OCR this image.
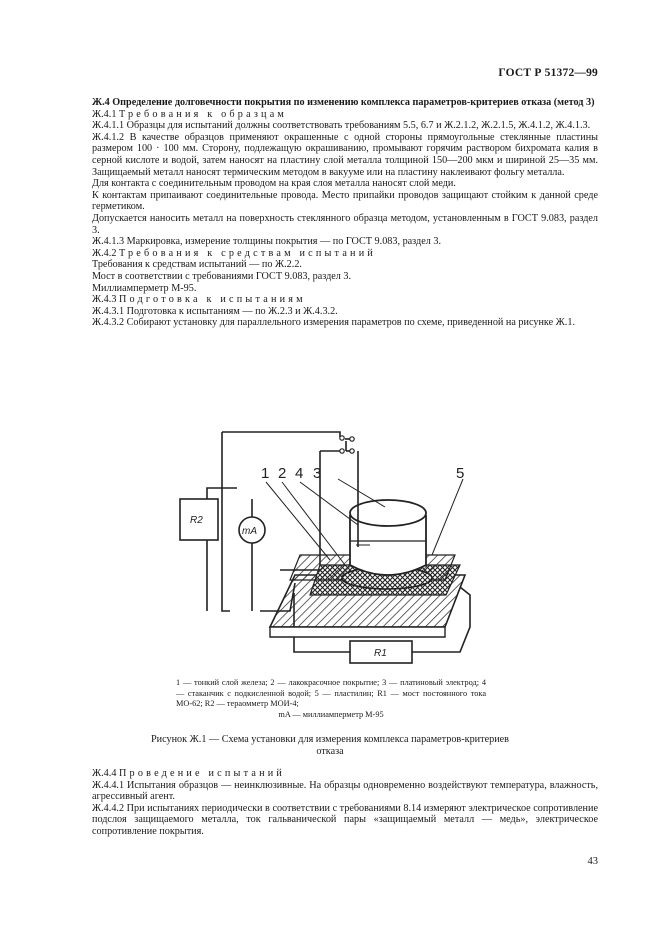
ГОСТ Р 51372—99

Ж.4 Определение долговечности покрытия по изменению комплекса параметров-критериев отказа (метод 3)

Ж.4.1 Требования к образцам

Ж.4.1.1 Образцы для испытаний должны соответствовать требованиям 5.5, 6.7 и Ж.2.1.2, Ж.2.1.5, Ж.4.1.2, Ж.4.1.3.

Ж.4.1.2 В качестве образцов применяют окрашенные с одной стороны прямоугольные стеклянные пластины размером 100 · 100 мм. Сторону, подлежащую окрашиванию, промывают горячим раствором бихромата калия в серной кислоте и водой, затем наносят на пластину слой металла толщиной 150—200 мкм и шириной 25—35 мм. Защищаемый металл наносят термическим методом в вакууме или на пластину наклеивают фольгу металла.

Для контакта с соединительным проводом на края слоя металла наносят слой меди.

К контактам припаивают соединительные провода. Место припайки проводов защищают стойким к данной среде герметиком.

Допускается наносить металл на поверхность стеклянного образца методом, установленным в ГОСТ 9.083, раздел 3.

Ж.4.1.3 Маркировка, измерение толщины покрытия — по ГОСТ 9.083, раздел 3.

Ж.4.2 Требования к средствам испытаний

Требования к средствам испытаний — по Ж.2.2.

Мост в соответствии с требованиями ГОСТ 9.083, раздел 3.

Миллиамперметр М-95.

Ж.4.3 Подготовка к испытаниям

Ж.4.3.1 Подготовка к испытаниям — по Ж.2.3 и Ж.4.3.2.

Ж.4.3.2 Собирают установку для параллельного измерения параметров по схеме, приведенной на рисунке Ж.1.

R2
mA
R1
1 2 4 3	5
1 — тонкий слой железа; 2 — лакокрасочное покрытие; 3 — платиновый электрод; 4 — стаканчик с подкисленной водой; 5 — пластилин; R1 — мост постоянного тока МО-62; R2 — тераомметр МОИ-4;
mA — миллиамперметр М-95
Рисунок Ж.1 — Схема установки для измерения комплекса параметров-критериев отказа

Ж.4.4 Проведение испытаний

Ж.4.4.1 Испытания образцов — неинклюзивные. На образцы одновременно воздействуют температура, влажность, агрессивный агент.

Ж.4.4.2 При испытаниях периодически в соответствии с требованиями 8.14 измеряют электрическое сопротивление подслоя защищаемого металла, ток гальванической пары «защищаемый металл — медь», электрическое сопротивление покрытия.

43
